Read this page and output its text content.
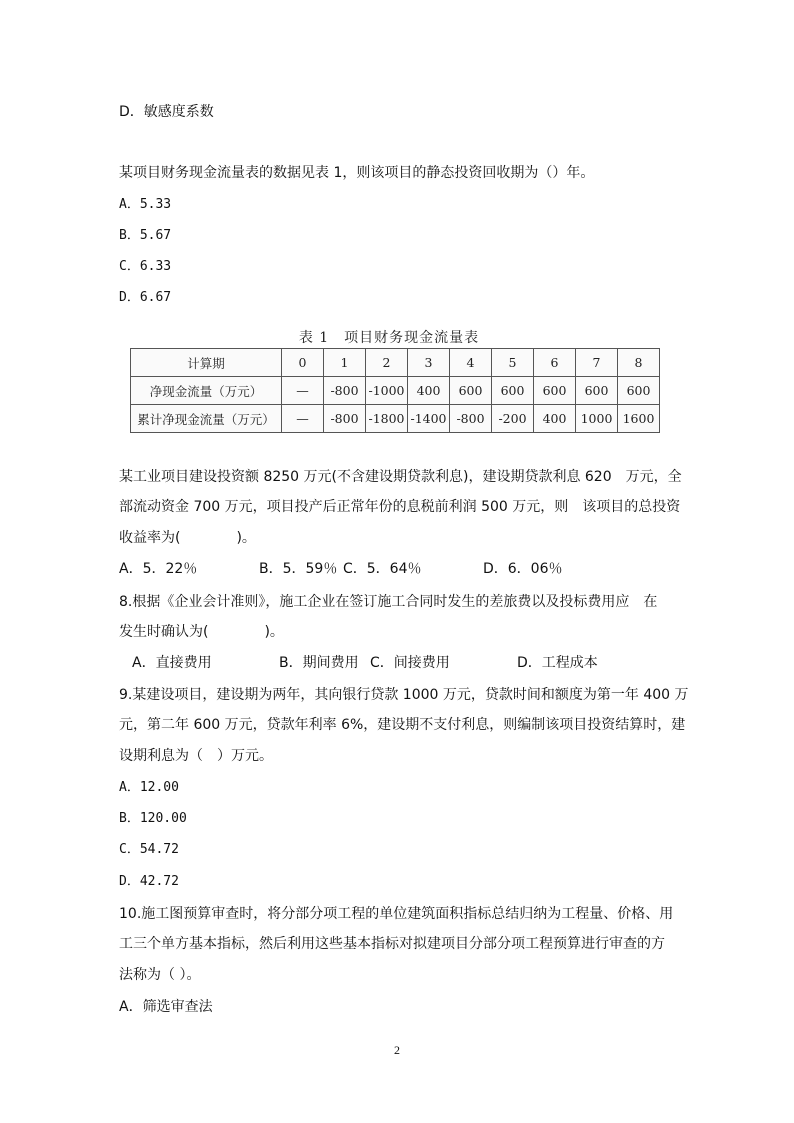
D．敏感度系数
某项目财务现金流量表的数据见表 1，则该项目的静态投资回收期为（）年。
A．5.33
B．5.67
C．6.33
D．6.67
表 1　项目财务现金流量表
计算期	0	1	2	3	4	5	6	7	8
净现金流量（万元）	—	-800	-1000	400	600	600	600	600	600
累计净现金流量（万元）	—	-800	-1800	-1400	-800	-200	400	1000	1600
某工业项目建设投资额 8250 万元(不含建设期贷款利息)，建设期贷款利息 620　万元，全
部流动资金 700 万元，项目投产后正常年份的息税前利润 500 万元，则　该项目的总投资
收益率为(　　　　)。
A．5．22％	B．5．59％ C．5．64％	D．6．06％
8.根据《企业会计准则》，施工企业在签订施工合同时发生的差旅费以及投标费用应　在
发生时确认为(　　　　)。
A．直接费用	B．期间费用 C．间接费用	D．工程成本
9.某建设项目，建设期为两年，其向银行贷款 1000 万元，贷款时间和额度为第一年 400 万
元，第二年 600 万元，贷款年利率 6%，建设期不支付利息，则编制该项目投资结算时，建
设期利息为（　）万元。
A．12.00
B．120.00
C．54.72
D．42.72
10.施工图预算审查时，将分部分项工程的单位建筑面积指标总结归纳为工程量、价格、用
工三个单方基本指标，然后利用这些基本指标对拟建项目分部分项工程预算进行审查的方
法称为（ ）。
A．筛选审查法
2
